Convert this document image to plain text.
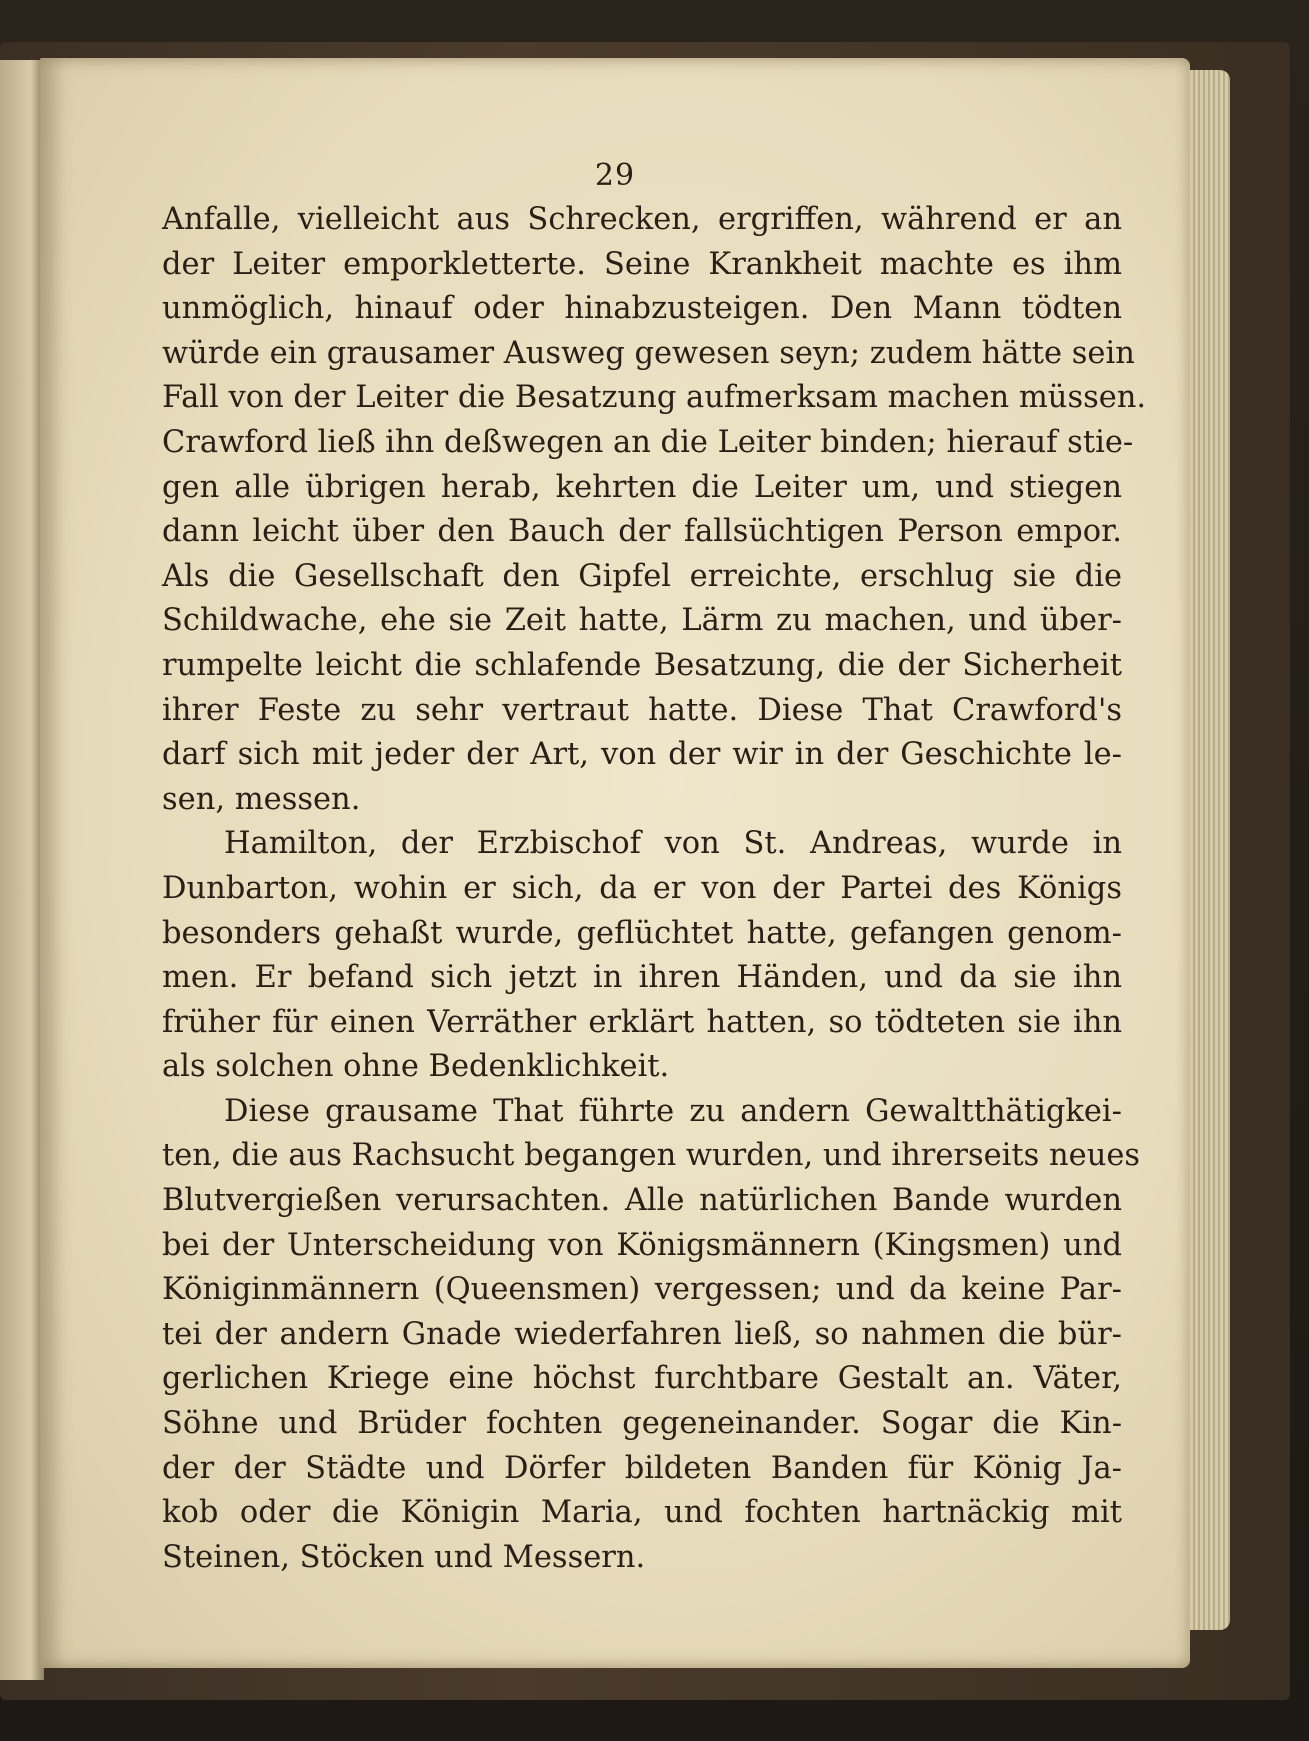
29
Anfalle, vielleicht aus Schrecken, ergriffen, während er an
der Leiter emporkletterte. Seine Krankheit machte es ihm
unmöglich, hinauf oder hinabzusteigen. Den Mann tödten
würde ein grausamer Ausweg gewesen seyn; zudem hätte sein
Fall von der Leiter die Besatzung aufmerksam machen müssen.
Crawford ließ ihn deßwegen an die Leiter binden; hierauf stie-
gen alle übrigen herab, kehrten die Leiter um, und stiegen
dann leicht über den Bauch der fallsüchtigen Person empor.
Als die Gesellschaft den Gipfel erreichte, erschlug sie die
Schildwache, ehe sie Zeit hatte, Lärm zu machen, und über-
rumpelte leicht die schlafende Besatzung, die der Sicherheit
ihrer Feste zu sehr vertraut hatte. Diese That Crawford's
darf sich mit jeder der Art, von der wir in der Geschichte le-
sen, messen.
Hamilton, der Erzbischof von St. Andreas, wurde in
Dunbarton, wohin er sich, da er von der Partei des Königs
besonders gehaßt wurde, geflüchtet hatte, gefangen genom-
men. Er befand sich jetzt in ihren Händen, und da sie ihn
früher für einen Verräther erklärt hatten, so tödteten sie ihn
als solchen ohne Bedenklichkeit.
Diese grausame That führte zu andern Gewaltthätigkei-
ten, die aus Rachsucht begangen wurden, und ihrerseits neues
Blutvergießen verursachten. Alle natürlichen Bande wurden
bei der Unterscheidung von Königsmännern (Kingsmen) und
Königinmännern (Queensmen) vergessen; und da keine Par-
tei der andern Gnade wiederfahren ließ, so nahmen die bür-
gerlichen Kriege eine höchst furchtbare Gestalt an. Väter,
Söhne und Brüder fochten gegeneinander. Sogar die Kin-
der der Städte und Dörfer bildeten Banden für König Ja-
kob oder die Königin Maria, und fochten hartnäckig mit
Steinen, Stöcken und Messern.
